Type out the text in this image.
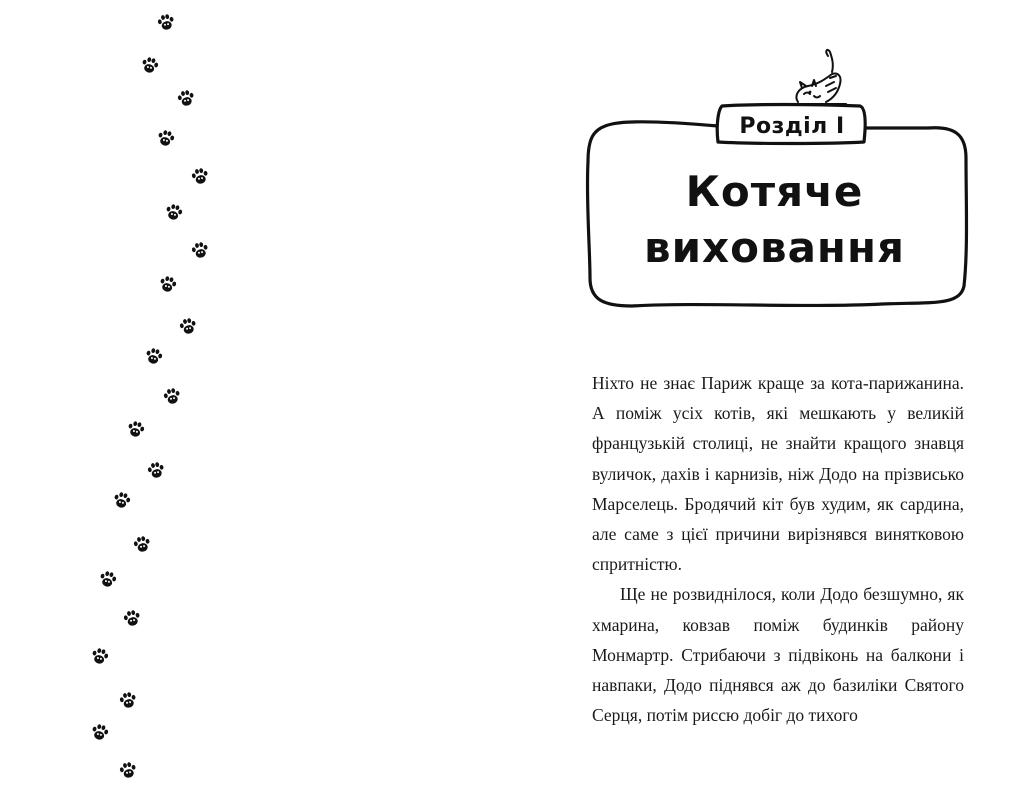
Розділ І
Котяче
виховання

Ніхто не знає Париж краще за кота-парижанина. А поміж усіх котів, які мешкають у великій французькій столиці, не знайти кращого знавця вуличок, дахів і карнизів, ніж Додо на прізвисько Марселець. Бродячий кіт був худим, як сардина, але саме з цієї причини вирізнявся винятковою спритністю.

Ще не розвиднілося, коли Додо безшумно, як хмарина, ковзав поміж будинків району Монмартр. Стрибаючи з підвіконь на балкони і навпаки, Додо піднявся аж до базиліки Святого Серця, потім риссю добіг до тихого
